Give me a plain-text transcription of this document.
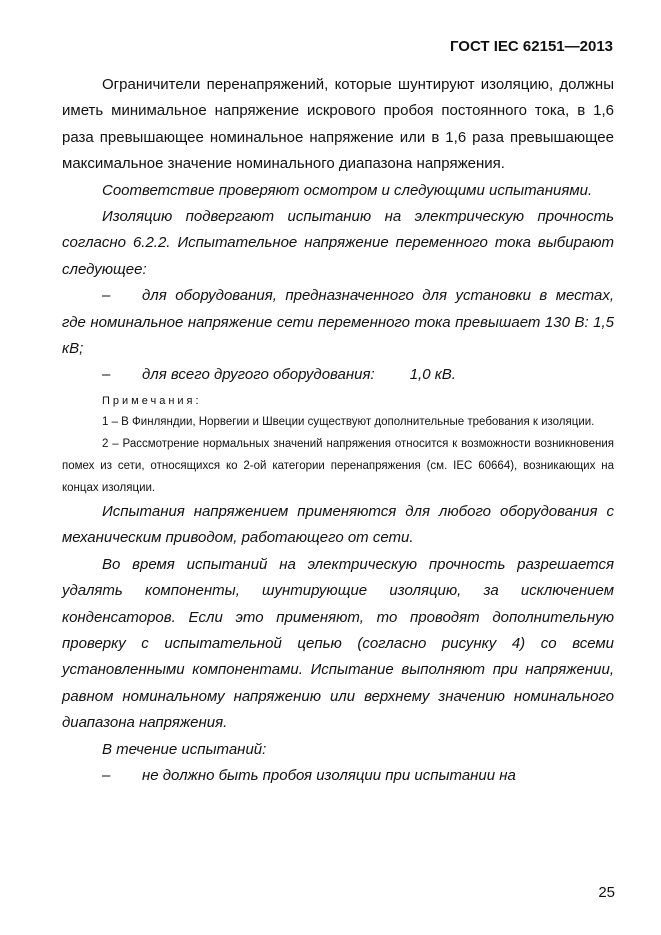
ГОСТ IEC 62151—2013

Ограничители перенапряжений, которые шунтируют изоляцию, должны иметь минимальное напряжение искрового пробоя постоянного тока, в 1,6 раза превышающее номинальное напряжение или в 1,6 раза превышающее максимальное значение номинального диапазона напряжения.

Соответствие проверяют осмотром и следующими испытаниями.

Изоляцию подвергают испытанию на электрическую прочность согласно 6.2.2. Испытательное напряжение переменного тока выбирают следующее:

– для оборудования, предназначенного для установки в местах, где номинальное напряжение сети переменного тока превышает 130 В: 1,5 кВ;

– для всего другого оборудования: 1,0 кВ.

Примечания:

1 – В Финляндии, Норвегии и Швеции существуют дополнительные требования к изоляции.

2 – Рассмотрение нормальных значений напряжения относится к возможности возникновения помех из сети, относящихся ко 2-ой категории перенапряжения (см. IEC 60664), возникающих на концах изоляции.

Испытания напряжением применяются для любого оборудования с механическим приводом, работающего от сети.

Во время испытаний на электрическую прочность разрешается удалять компоненты, шунтирующие изоляцию, за исключением конденсаторов. Если это применяют, то проводят дополнительную проверку с испытательной цепью (согласно рисунку 4) со всеми установленными компонентами. Испытание выполняют при напряжении, равном номинальному напряжению или верхнему значению номинального диапазона напряжения.

В течение испытаний:

– не должно быть пробоя изоляции при испытании на

25
